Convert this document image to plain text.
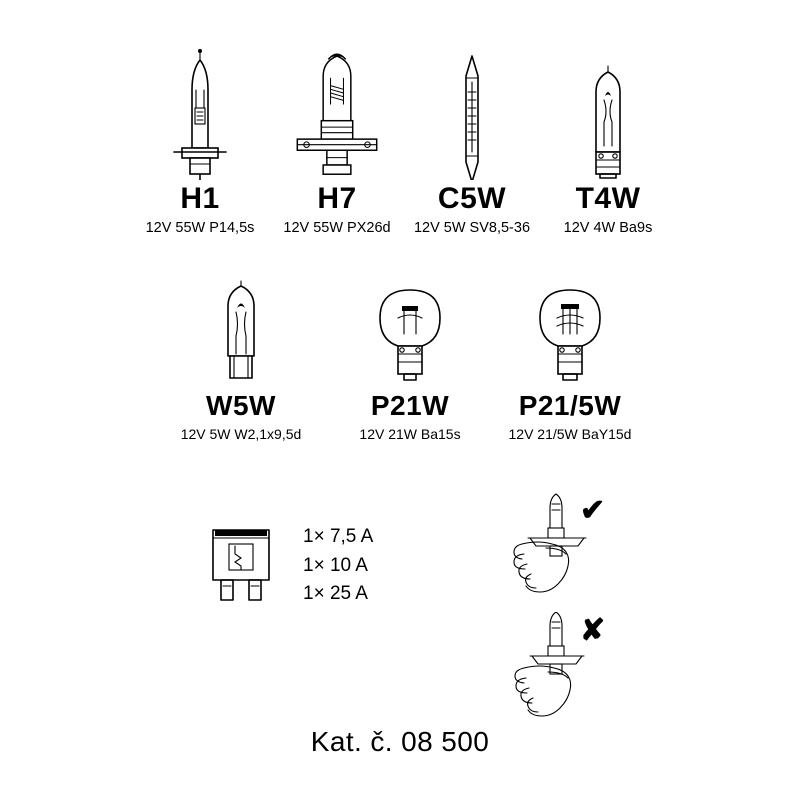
H1
12V 55W P14,5s
H7
12V 55W PX26d
C5W
12V 5W SV8,5-36
T4W
12V 4W Ba9s
W5W
12V 5W W2,1x9,5d
P21W
12V 21W Ba15s
P21/5W
12V 21/5W BaY15d
1× 7,5 A
1× 10 A
1× 25 A
✔
✘
Kat. č. 08 500
